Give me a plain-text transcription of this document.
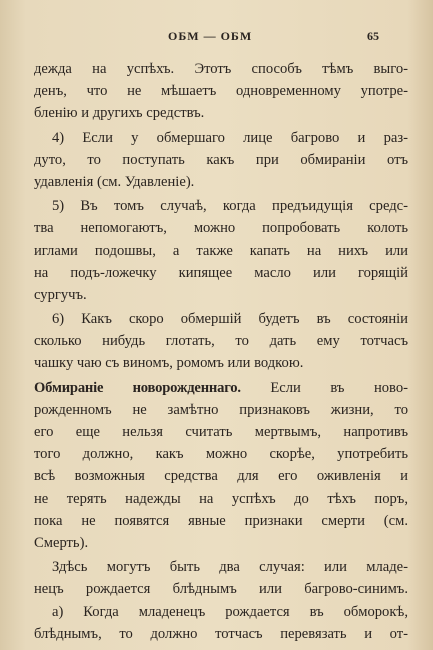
ОБМ — ОБМ	65
дежда на успѣхъ. Этотъ способъ тѣмъ выго-
денъ, что не мѣшаетъ одновременному употре-
бленію и другихъ средствъ.
4) Если у обмершаго лице багрово и раз-
дуто, то поступать какъ при обмираніи отъ
удавленія (см. Удавленіе).
5) Въ томъ случаѣ, когда предъидущія средс-
тва непомогаютъ, можно попробовать колоть
иглами подошвы, а также капать на нихъ или
на подъ-ложечку кипящее масло или горящій
сургучъ.
6) Какъ скоро обмершій будетъ въ состояніи
сколько нибудь глотать, то дать ему тотчасъ
чашку чаю съ виномъ, ромомъ или водкою.
Обмираніе новорожденнаго. Если въ ново-
рожденномъ не замѣтно признаковъ жизни, то
его еще нельзя считать мертвымъ, напротивъ
того должно, какъ можно скорѣе, употребить
всѣ возможныя средства для его оживленія и
не терять надежды на успѣхъ до тѣхъ поръ,
пока не появятся явные признаки смерти (см.
Смерть).
Здѣсь могутъ быть два случая: или младе-
нецъ рождается блѣднымъ или багрово-синимъ.
а) Когда младенецъ рождается въ обморокѣ,
блѣднымъ, то должно тотчасъ перевязать и от-
